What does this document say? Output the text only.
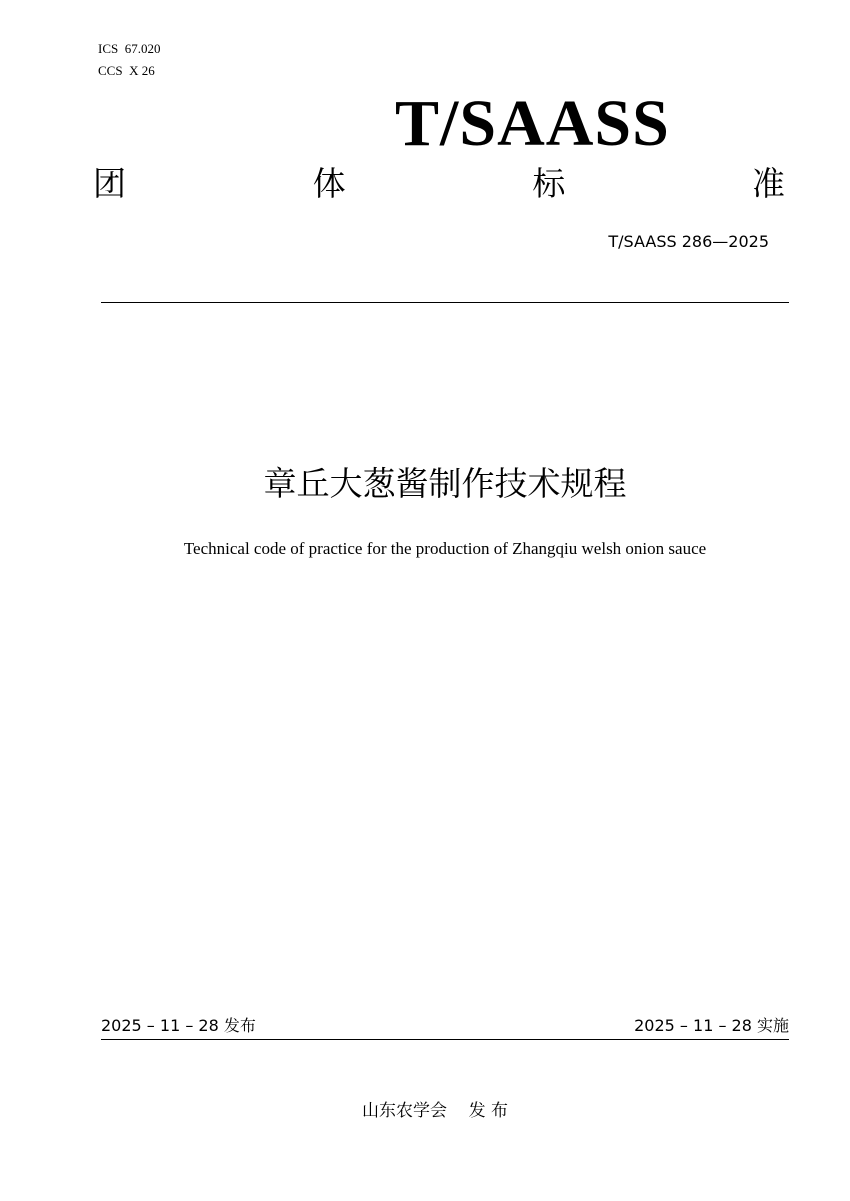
ICS  67.020
CCS  X 26
T/SAASS
团	体	标	准
T/SAASS 286—2025
章丘大葱酱制作技术规程
Technical code of practice for the production of Zhangqiu welsh onion sauce
2025 – 11 – 28 发布	2025 – 11 – 28 实施
山东农学会    发 布
